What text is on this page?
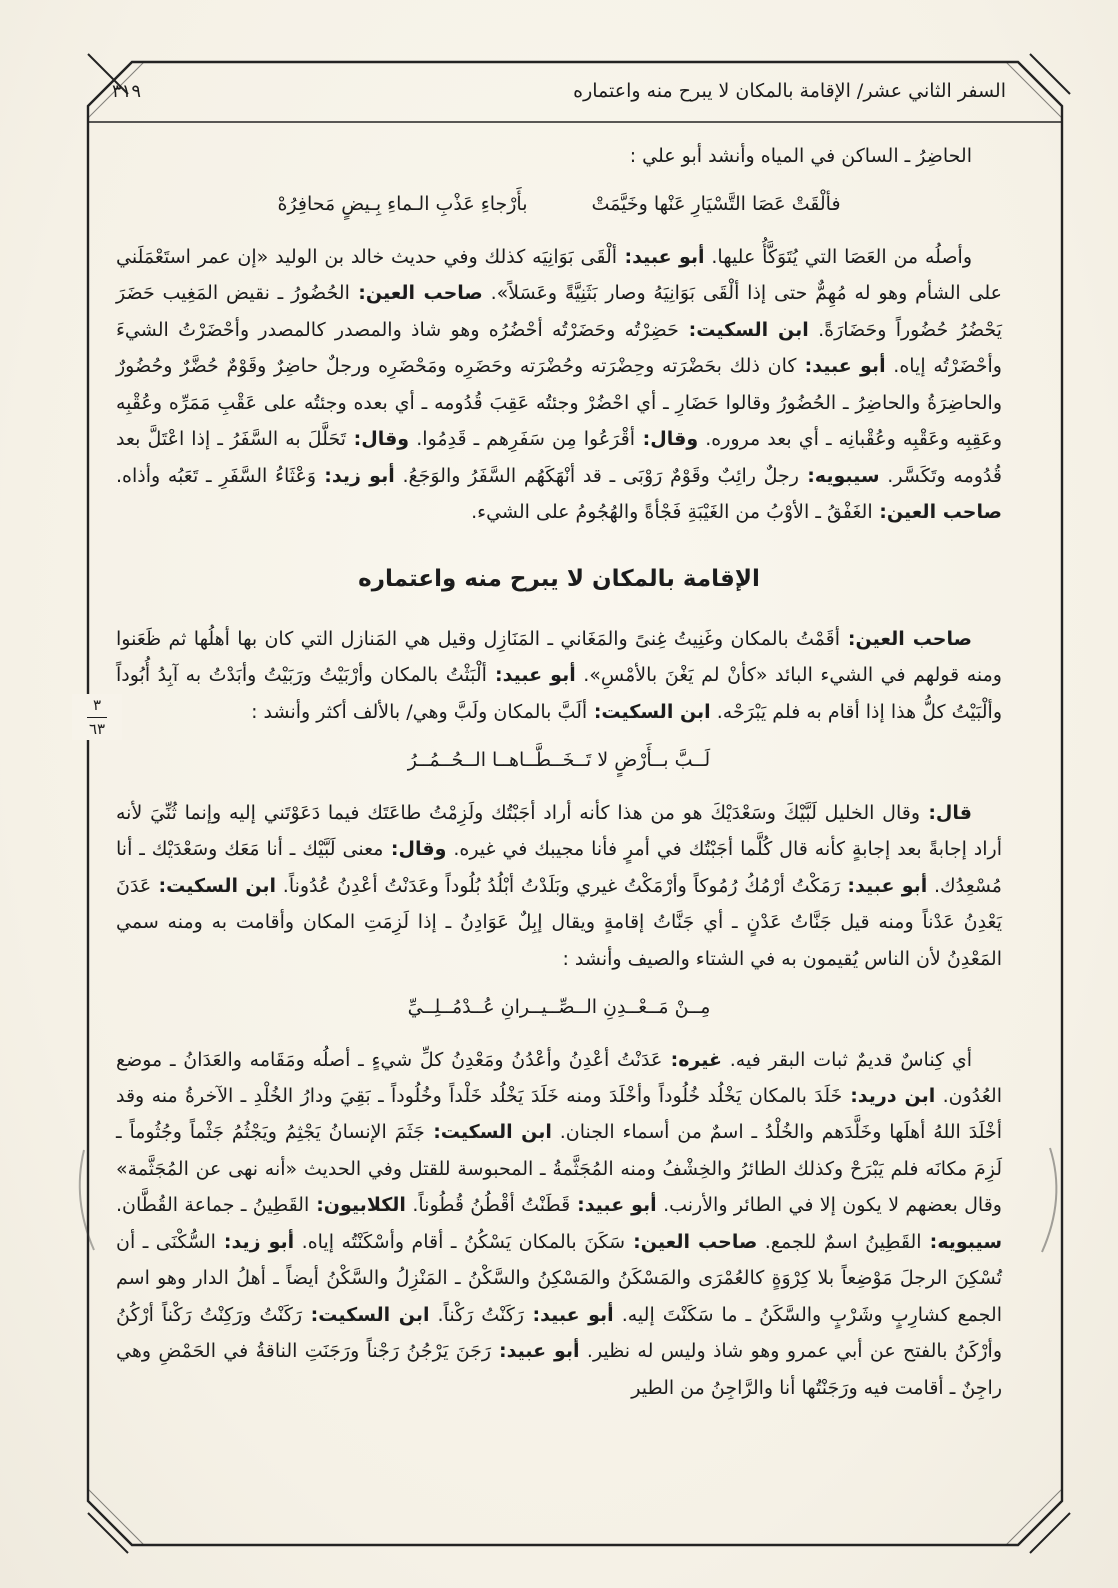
السفر الثاني عشر/ الإقامة بالمكان لا يبرح منه واعتماره
٣١٩
٣
٦٣
الحاضِرُ ـ الساكن في المياه وأنشد أبو علي :
فألْقَتْ عَصَا التَّسْيَارِ عَنْها وخَيَّمَتْ
بأَرْجاءِ عَذْبِ الـماءِ بِـيضٍ مَحافِرُهْ
وأصلُه من العَصَا التي يُتَوَكَّأُ عليها. أبو عبيد: ألْقَى بَوَانِيَه كذلك وفي حديث خالد بن الوليد «إن عمر استَعْمَلَني على الشأم وهو له مُهِمٌّ حتى إذا ألْقَى بَوَانِيَهُ وصار بَثَنِيَّةً وعَسَلاً». صاحب العين: الحُضُورُ ـ نقيض المَغِيب حَضَرَ يَحْضُرُ حُضُوراً وحَضَارَةً. ابن السكيت: حَضِرْتُه وحَضَرْتُه أحْضُرُه وهو شاذ والمصدر كالمصدر وأحْضَرْتُ الشيءَ وأحْضَرْتُه إياه. أبو عبيد: كان ذلك بحَضْرَته وحِضْرَته وحُضْرَته وحَضَرِه ومَحْضَرِه ورجلٌ حاضِرٌ وقَوْمٌ حُضَّرٌ وحُضُورٌ والحاضِرَةُ والحاضِرُ ـ الحُضُورُ وقالوا حَضَارِ ـ أي احْضُرْ وجئتُه عَقِبَ قُدُومه ـ أي بعده وجئتُه على عَقْبِ مَمَرِّه وعُقْبِه وعَقِبِه وعَقْبِه وعُقْبانِه ـ أي بعد مروره. وقال: أقْرَعُوا مِن سَفَرِهم ـ قَدِمُوا. وقال: تَحَلَّلَ به السَّفَرُ ـ إذا اعْتَلَّ بعد قُدُومه وتَكَسَّر. سيبويه: رجلٌ رائِبٌ وقَوْمٌ رَوْبَى ـ قد أنْهَكَهُم السَّفَرُ والوَجَعُ. أبو زيد: وَعْثَاءُ السَّفَرِ ـ تَعَبُه وأذاه. صاحب العين: الغَفْقُ ـ الأوْبُ من الغَيْبَةِ فَجْأةً والهُجُومُ على الشيء.
الإقامة بالمكان لا يبرح منه واعتماره
صاحب العين: أقَمْتُ بالمكان وغَنِيتُ غِنىً والمَغَاني ـ المَنَازِل وقيل هي المَنازل التي كان بها أهلُها ثم ظَعَنوا ومنه قولهم في الشيء البائد «كأنْ لم يَغْنَ بالأمْسِ». أبو عبيد: ألْبَثْتُ بالمكان وأرْبَيْتُ ورَبَيْتُ وأبَدْتُ به آبِدُ أُبُوداً وألْبَيْتُ كلُّ هذا إذا أقام به فلم يَبْرَحْه. ابن السكيت: ألَبَّ بالمكان ولَبَّ وهي/ بالألف أكثر وأنشد :
لَــبَّ بــأَرْضٍ لا تَــخَــطَّــاهــا الــحُــمُــرُ
قال: وقال الخليل لَبَّيْكَ وسَعْدَيْكَ هو من هذا كأنه أراد أجَبْتُك ولَزِمْتُ طاعَتَك فيما دَعَوْتَني إليه وإنما ثُنِّيَ لأنه أراد إجابةً بعد إجابةٍ كأنه قال كُلَّما أجَبْتُك في أمرٍ فأنا مجيبك في غيره. وقال: معنى لَبَّيْك ـ أنا مَعَك وسَعْدَيْك ـ أنا مُسْعِدُك. أبو عبيد: رَمَكْتُ أرْمُكُ رُمُوكاً وأرْمَكْتُ غيري وبَلَدْتُ أبْلُدُ بُلُوداً وعَدَنْتُ أعْدِنُ عُدُوناً. ابن السكيت: عَدَنَ يَعْدِنُ عَدْناً ومنه قيل جَنَّاتُ عَدْنٍ ـ أي جَنَّاتُ إقامةٍ ويقال إبِلٌ عَوَادِنُ ـ إذا لَزِمَتِ المكان وأقامت به ومنه سمي المَعْدِنُ لأن الناس يُقيمون به في الشتاء والصيف وأنشد :
مِــنْ مَــعْــدِنِ الــصِّــيــرانِ عُــدْمُــلِــيِّ
أي كِناسٌ قديمٌ ثبات البقر فيه. غيره: عَدَنْتُ أعْدِنُ وأعْدُنُ ومَعْدِنُ كلِّ شيءٍ ـ أصلُه ومَقَامه والعَدَانُ ـ موضع العُدُون. ابن دريد: خَلَدَ بالمكان يَخْلُد خُلُوداً وأخْلَدَ ومنه خَلَدَ يَخْلُد خَلْداً وخُلُوداً ـ بَقِيَ ودارُ الخُلْدِ ـ الآخرةُ منه وقد أخْلَدَ اللهُ أهلَها وخَلَّدَهم والخُلْدُ ـ اسمٌ من أسماء الجنان. ابن السكيت: جَثَمَ الإنسانُ يَجْثِمُ ويَجْثُمُ جَثْماً وجُثُوماً ـ لَزِمَ مكانَه فلم يَبْرَحْ وكذلك الطائرُ والخِشْفُ ومنه المُجَثَّمةُ ـ المحبوسة للقتل وفي الحديث «أنه نهى عن المُجَثَّمة» وقال بعضهم لا يكون إلا في الطائر والأرنب. أبو عبيد: قَطَنْتُ أقْطُنُ قُطُوناً. الكلابيون: القَطِينُ ـ جماعة القُطَّان. سيبويه: القَطِينُ اسمٌ للجمع. صاحب العين: سَكَنَ بالمكان يَسْكُنُ ـ أقام وأسْكَنْتُه إياه. أبو زيد: السُّكْنَى ـ أن تُسْكِنَ الرجلَ مَوْضِعاً بلا كِرْوَةٍ كالعُمْرَى والمَسْكَنُ والمَسْكِنُ والسَّكْنُ ـ المَنْزِلُ والسَّكْنُ أيضاً ـ أهلُ الدار وهو اسم الجمع كشارِبٍ وشَرْبٍ والسَّكَنُ ـ ما سَكَنْتَ إليه. أبو عبيد: رَكَنْتُ رَكْناً. ابن السكيت: رَكَنْتُ ورَكِنْتُ رَكْناً أرْكُنُ وأرْكَنُ بالفتح عن أبي عمرو وهو شاذ وليس له نظير. أبو عبيد: رَجَنَ يَرْجُنُ رَجْناً ورَجَنَتِ الناقةُ في الحَمْضِ وهي راجِنٌ ـ أقامت فيه ورَجَنْتُها أنا والرَّاجِنُ من الطير
